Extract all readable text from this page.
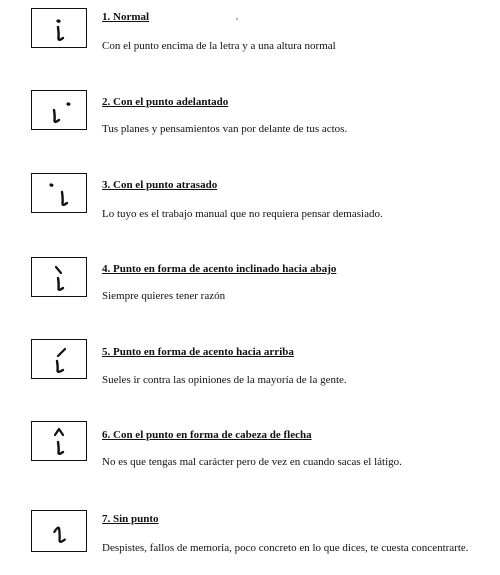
1. Normal
Con el punto encima de la letra y a una altura normal
2. Con el punto adelantado
Tus planes y pensamientos van por delante de tus actos.
3. Con el punto atrasado
Lo tuyo es el trabajo manual que no requiera pensar demasiado.
4. Punto en forma de acento inclinado hacia abajo
Siempre quieres tener razón
5. Punto en forma de acento hacia arriba
Sueles ir contra las opiniones de la mayoría de la gente.
6. Con el punto en forma de cabeza de flecha
No es que tengas mal carácter pero de vez en cuando sacas el látigo.
7. Sin punto
Despistes, fallos de memoria, poco concreto en lo que dices, te cuesta concentrarte.
